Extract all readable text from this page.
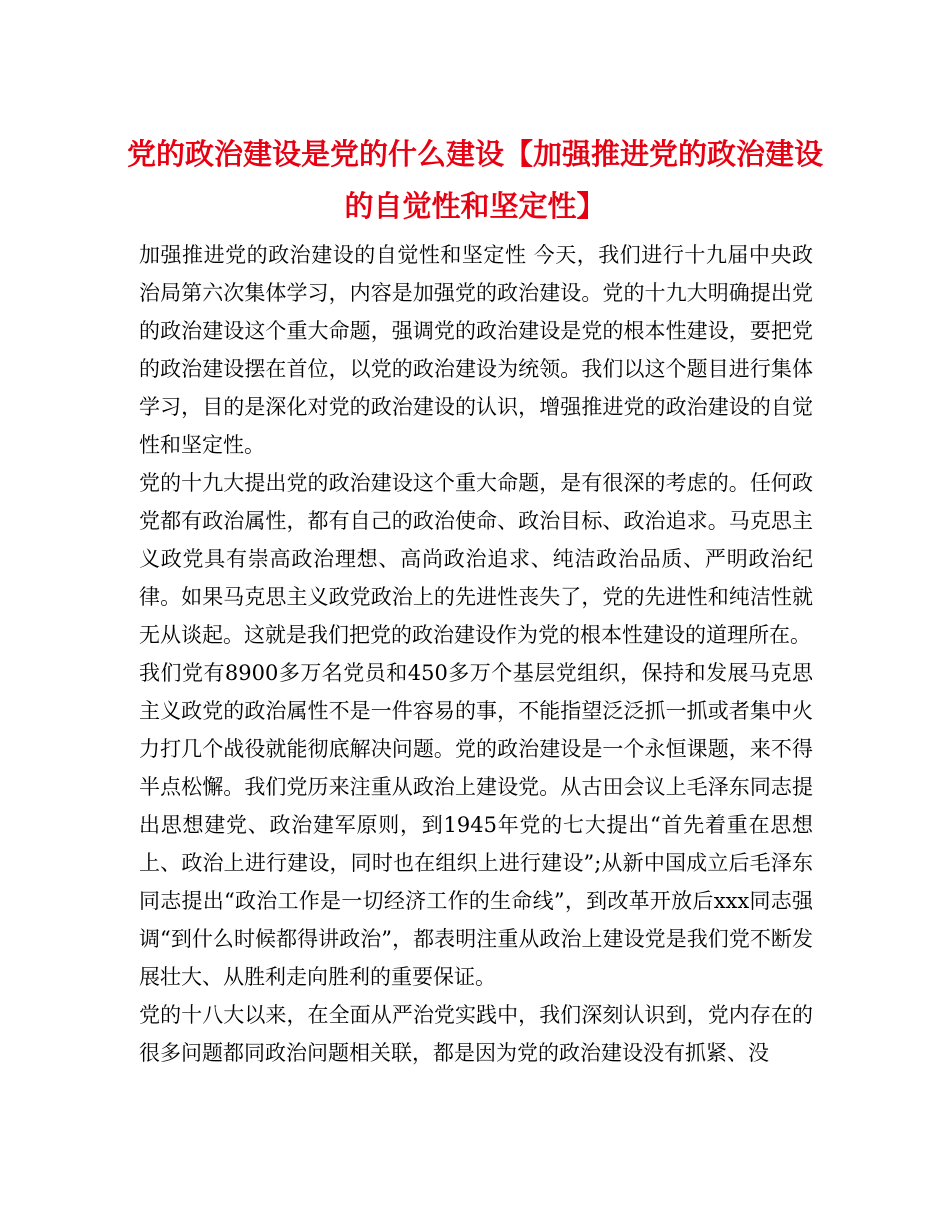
党的政治建设是党的什么建设【加强推进党的政治建设的自觉性和坚定性】

加强推进党的政治建设的自觉性和坚定性 今天，我们进行十九届中央政治局第六次集体学习，内容是加强党的政治建设。党的十九大明确提出党的政治建设这个重大命题，强调党的政治建设是党的根本性建设，要把党的政治建设摆在首位，以党的政治建设为统领。我们以这个题目进行集体学习，目的是深化对党的政治建设的认识，增强推进党的政治建设的自觉性和坚定性。

党的十九大提出党的政治建设这个重大命题，是有很深的考虑的。任何政党都有政治属性，都有自己的政治使命、政治目标、政治追求。马克思主义政党具有崇高政治理想、高尚政治追求、纯洁政治品质、严明政治纪律。如果马克思主义政党政治上的先进性丧失了，党的先进性和纯洁性就无从谈起。这就是我们把党的政治建设作为党的根本性建设的道理所在。

我们党有8900多万名党员和450多万个基层党组织，保持和发展马克思主义政党的政治属性不是一件容易的事，不能指望泛泛抓一抓或者集中火力打几个战役就能彻底解决问题。党的政治建设是一个永恒课题，来不得半点松懈。我们党历来注重从政治上建设党。从古田会议上毛泽东同志提出思想建党、政治建军原则，到1945年党的七大提出“首先着重在思想上、政治上进行建设，同时也在组织上进行建设”;从新中国成立后毛泽东同志提出“政治工作是一切经济工作的生命线”，到改革开放后xxx同志强调“到什么时候都得讲政治”，都表明注重从政治上建设党是我们党不断发展壮大、从胜利走向胜利的重要保证。

党的十八大以来，在全面从严治党实践中，我们深刻认识到，党内存在的很多问题都同政治问题相关联，都是因为党的政治建设没有抓紧、没
